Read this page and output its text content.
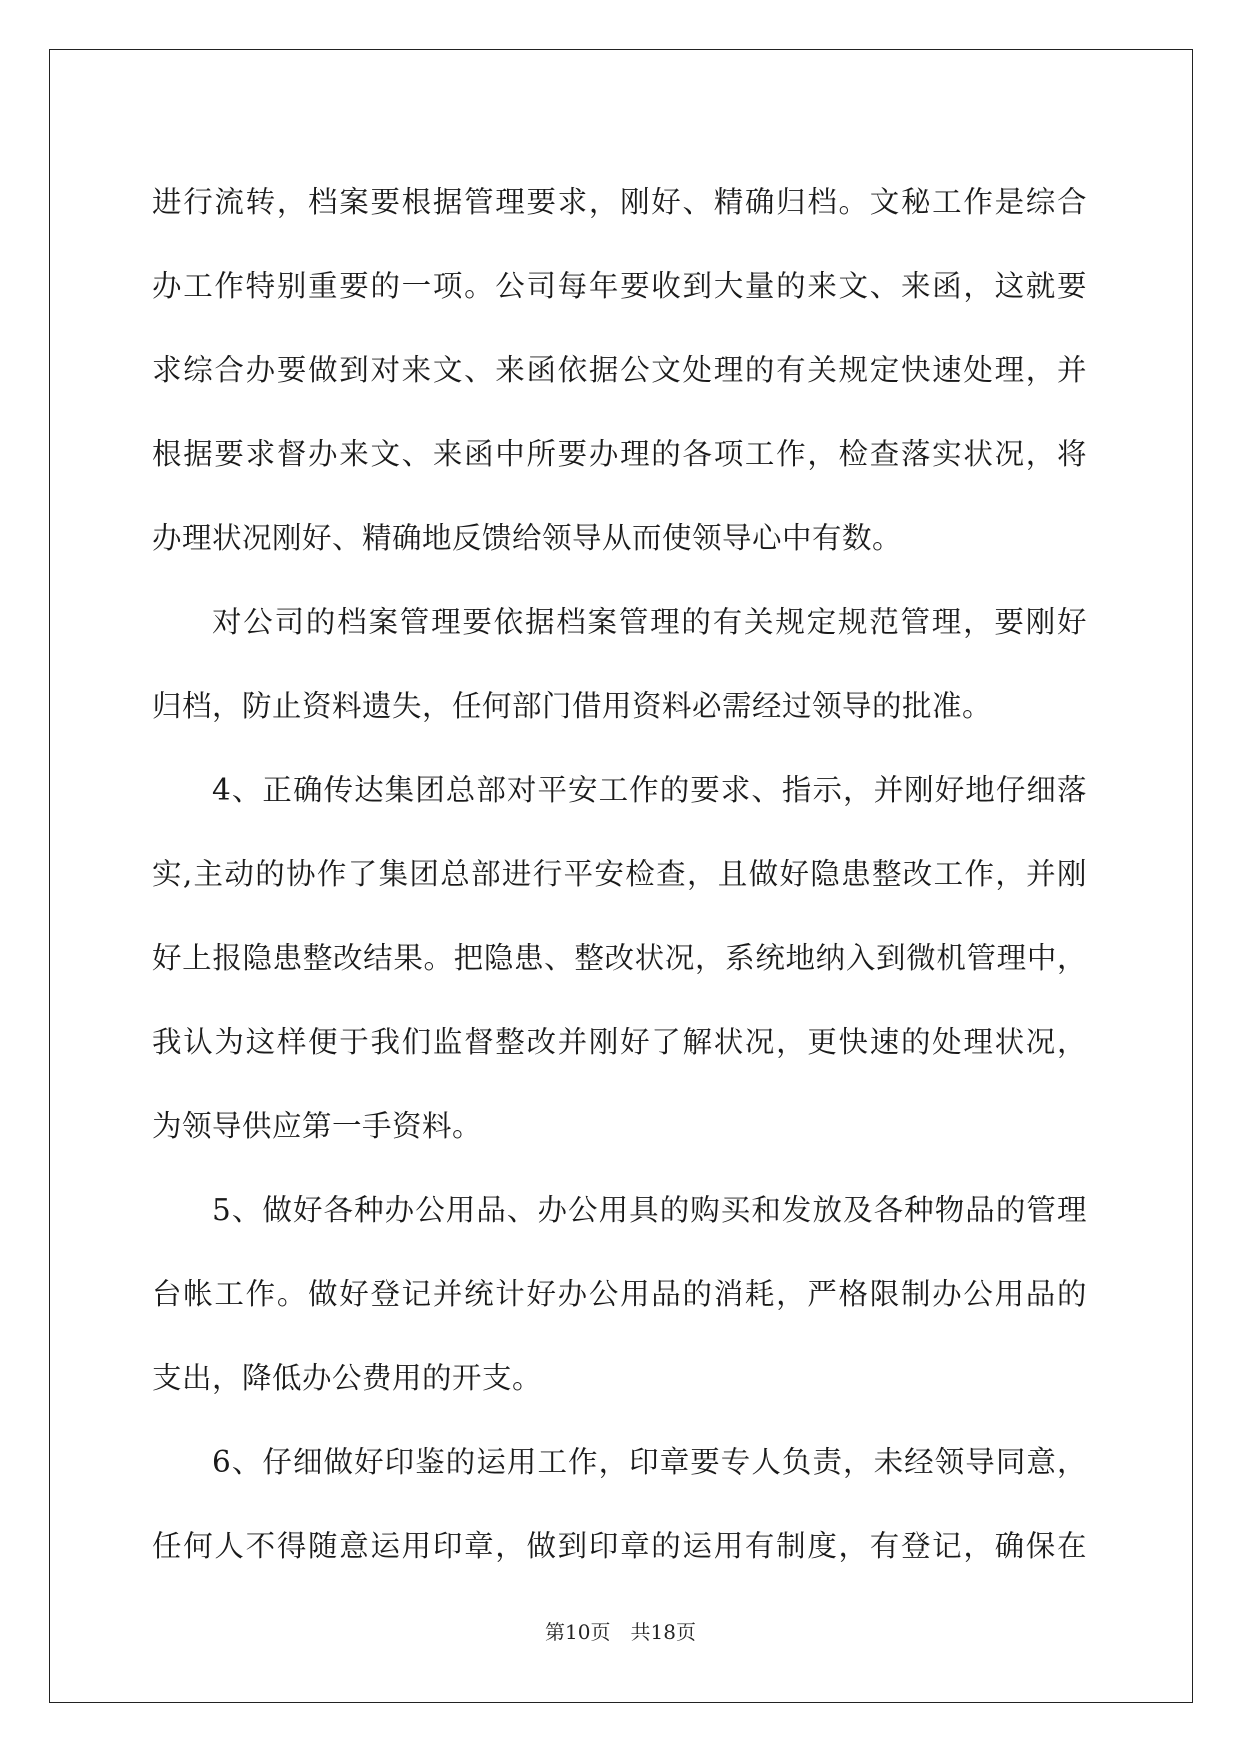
进行流转，档案要根据管理要求，刚好、精确归档。文秘工作是综合
办工作特别重要的一项。公司每年要收到大量的来文、来函，这就要
求综合办要做到对来文、来函依据公文处理的有关规定快速处理，并
根据要求督办来文、来函中所要办理的各项工作，检查落实状况，将
办理状况刚好、精确地反馈给领导从而使领导心中有数。
对公司的档案管理要依据档案管理的有关规定规范管理，要刚好
归档，防止资料遗失，任何部门借用资料必需经过领导的批准。
4、正确传达集团总部对平安工作的要求、指示，并刚好地仔细落
实,主动的协作了集团总部进行平安检查，且做好隐患整改工作，并刚
好上报隐患整改结果。把隐患、整改状况，系统地纳入到微机管理中，
我认为这样便于我们监督整改并刚好了解状况，更快速的处理状况，
为领导供应第一手资料。
5、做好各种办公用品、办公用具的购买和发放及各种物品的管理
台帐工作。做好登记并统计好办公用品的消耗，严格限制办公用品的
支出，降低办公费用的开支。
6、仔细做好印鉴的运用工作，印章要专人负责，未经领导同意，
任何人不得随意运用印章，做到印章的运用有制度，有登记，确保在
第10页　共18页
